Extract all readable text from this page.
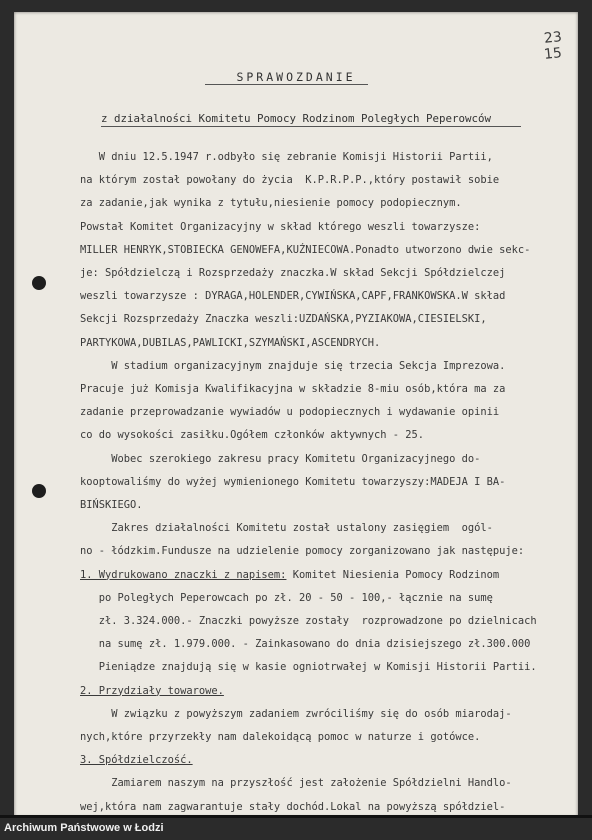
23
15
SPRAWOZDANIE
z działalności Komitetu Pomocy Rodzinom Poległych Peperowców
W dniu 12.5.1947 r.odbyło się zebranie Komisji Historii Partii,
na którym został powołany do życia  K.P.R.P.P.,który postawił sobie
za zadanie,jak wynika z tytułu,niesienie pomocy podopiecznym.
Powstał Komitet Organizacyjny w skład którego weszli towarzysze:
MILLER HENRYK,STOBIECKA GENOWEFA,KUŹNIECOWA.Ponadto utworzono dwie sekc-
je: Spółdzielczą i Rozsprzedaży znaczka.W skład Sekcji Spółdzielczej
weszli towarzysze : DYRAGA,HOLENDER,CYWIŃSKA,CAPF,FRANKOWSKA.W skład
Sekcji Rozsprzedaży Znaczka weszli:UZDAŃSKA,PYZIAKOWA,CIESIELSKI,
PARTYKOWA,DUBILAS,PAWLICKI,SZYMAŃSKI,ASCENDRYCH.
W stadium organizacyjnym znajduje się trzecia Sekcja Imprezowa.
Pracuje już Komisja Kwalifikacyjna w składzie 8-miu osób,która ma za
zadanie przeprowadzanie wywiadów u podopiecznych i wydawanie opinii
co do wysokości zasiłku.Ogółem członków aktywnych - 25.
Wobec szerokiego zakresu pracy Komitetu Organizacyjnego do-
kooptowaliśmy do wyżej wymienionego Komitetu towarzyszy:MADEJA I BA-
BIŃSKIEGO.
Zakres działalności Komitetu został ustalony zasięgiem  ogól-
no - łódzkim.Fundusze na udzielenie pomocy zorganizowano jak następuje:
1. Wydrukowano znaczki z napisem: Komitet Niesienia Pomocy Rodzinom
po Poległych Peperowcach po zł. 20 - 50 - 100,- łącznie na sumę
zł. 3.324.000.- Znaczki powyższe zostały  rozprowadzone po dzielnicach
na sumę zł. 1.979.000. - Zainkasowano do dnia dzisiejszego zł.300.000
Pieniądze znajdują się w kasie ogniotrwałej w Komisji Historii Partii.
2. Przydziały towarowe.
W związku z powyższym zadaniem zwróciliśmy się do osób miarodaj-
nych,które przyrzekły nam dalekoidącą pomoc w naturze i gotówce.
3. Spółdzielczość.
Zamiarem naszym na przyszłość jest założenie Spółdzielni Handlo-
wej,która nam zagwarantuje stały dochód.Lokal na powyższą spółdziel-
Archiwum Państwowe w Łodzi
